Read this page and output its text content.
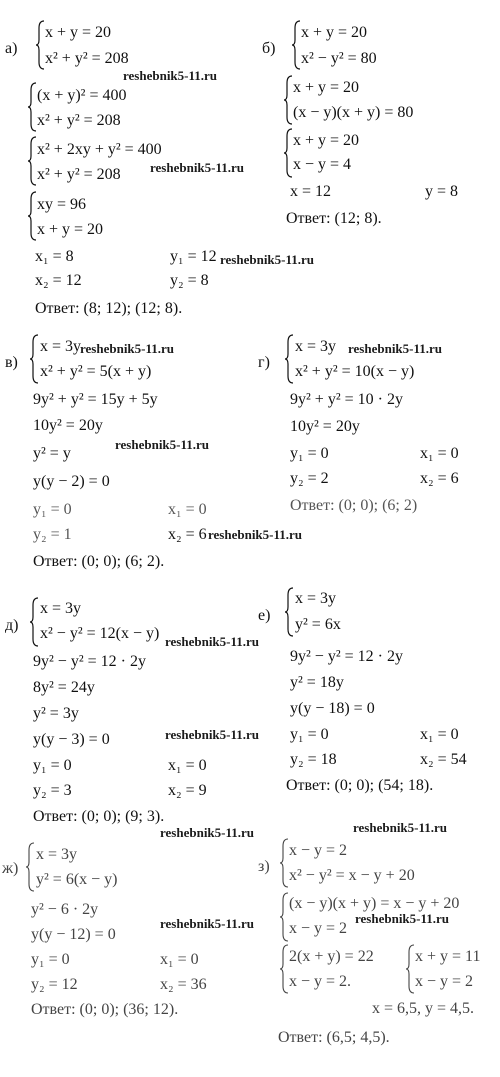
а)
x + y = 20
x² + y² = 208
(x + y)² = 400
x² + y² = 208
x² + 2xy + y² = 400
x² + y² = 208
xy = 96
x + y = 20
x₁ = 8	y₁ = 12
x₂ = 12	y₂ = 8
Ответ: (8; 12); (12; 8).
б)
x + y = 20
x² − y² = 80
x + y = 20
(x − y)(x + y) = 80
x + y = 20
x − y = 4
x = 12	y = 8
Ответ: (12; 8).
в)
x = 3y
x² + y² = 5(x + y)
9y² + y² = 15y + 5y
10y² = 20y
y² = y
y(y − 2) = 0
y₁ = 0	x₁ = 0
y₂ = 1	x₂ = 6
Ответ: (0; 0); (6; 2).
г)
x = 3y
x² + y² = 10(x − y)
9y² + y² = 10 · 2y
10y² = 20y
y₁ = 0	x₁ = 0
y₂ = 2	x₂ = 6
Ответ: (0; 0); (6; 2)
д)
x = 3y
x² − y² = 12(x − y)
9y² − y² = 12 · 2y
8y² = 24y
y² = 3y
y(y − 3) = 0
y₁ = 0	x₁ = 0
y₂ = 3	x₂ = 9
Ответ: (0; 0); (9; 3).
е)
x = 3y
y² = 6x
9y² − y² = 12 · 2y
y² = 18y
y(y − 18) = 0
y₁ = 0	x₁ = 0
y₂ = 18	x₂ = 54
Ответ: (0; 0); (54; 18).
ж)
x = 3y
y² = 6(x − y)
y² − 6 · 2y
y(y − 12) = 0
y₁ = 0	x₁ = 0
y₂ = 12	x₂ = 36
Ответ: (0; 0); (36; 12).
з)
x − y = 2
x² − y² = x − y + 20
(x − y)(x + y) = x − y + 20
x − y = 2
2(x + y) = 22
x − y = 2.
x + y = 11
x − y = 2
x = 6,5, y = 4,5.
Ответ: (6,5; 4,5).
reshebnik5-11.ru
reshebnik5-11.ru
reshebnik5-11.ru
reshebnik5-11.ru	reshebnik5-11.ru
reshebnik5-11.ru
reshebnik5-11.ru
reshebnik5-11.ru
reshebnik5-11.ru
reshebnik5-11.ru	reshebnik5-11.ru
reshebnik5-11.ru	reshebnik5-11.ru
